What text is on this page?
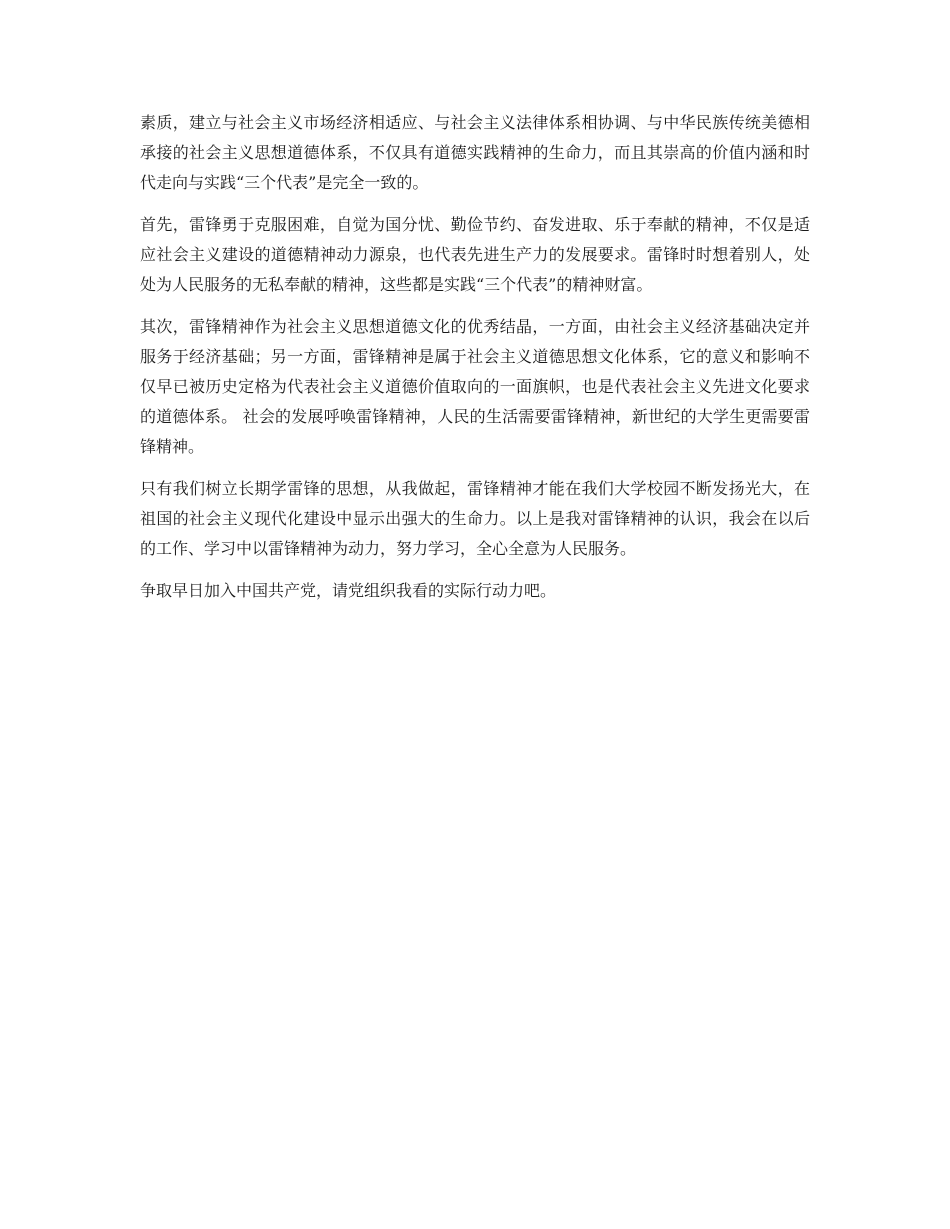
素质，建立与社会主义市场经济相适应、与社会主义法律体系相协调、与中华民族传统美德相承接的社会主义思想道德体系，不仅具有道德实践精神的生命力，而且其崇高的价值内涵和时代走向与实践“三个代表”是完全一致的。

首先，雷锋勇于克服困难，自觉为国分忧、勤俭节约、奋发进取、乐于奉献的精神，不仅是适应社会主义建设的道德精神动力源泉，也代表先进生产力的发展要求。雷锋时时想着别人，处处为人民服务的无私奉献的精神，这些都是实践“三个代表”的精神财富。

其次，雷锋精神作为社会主义思想道德文化的优秀结晶，一方面，由社会主义经济基础决定并服务于经济基础；另一方面，雷锋精神是属于社会主义道德思想文化体系，它的意义和影响不仅早已被历史定格为代表社会主义道德价值取向的一面旗帜，也是代表社会主义先进文化要求的道德体系。 社会的发展呼唤雷锋精神，人民的生活需要雷锋精神，新世纪的大学生更需要雷锋精神。

只有我们树立长期学雷锋的思想，从我做起，雷锋精神才能在我们大学校园不断发扬光大，在祖国的社会主义现代化建设中显示出强大的生命力。以上是我对雷锋精神的认识，我会在以后的工作、学习中以雷锋精神为动力，努力学习，全心全意为人民服务。

争取早日加入中国共产党，请党组织我看的实际行动力吧。
